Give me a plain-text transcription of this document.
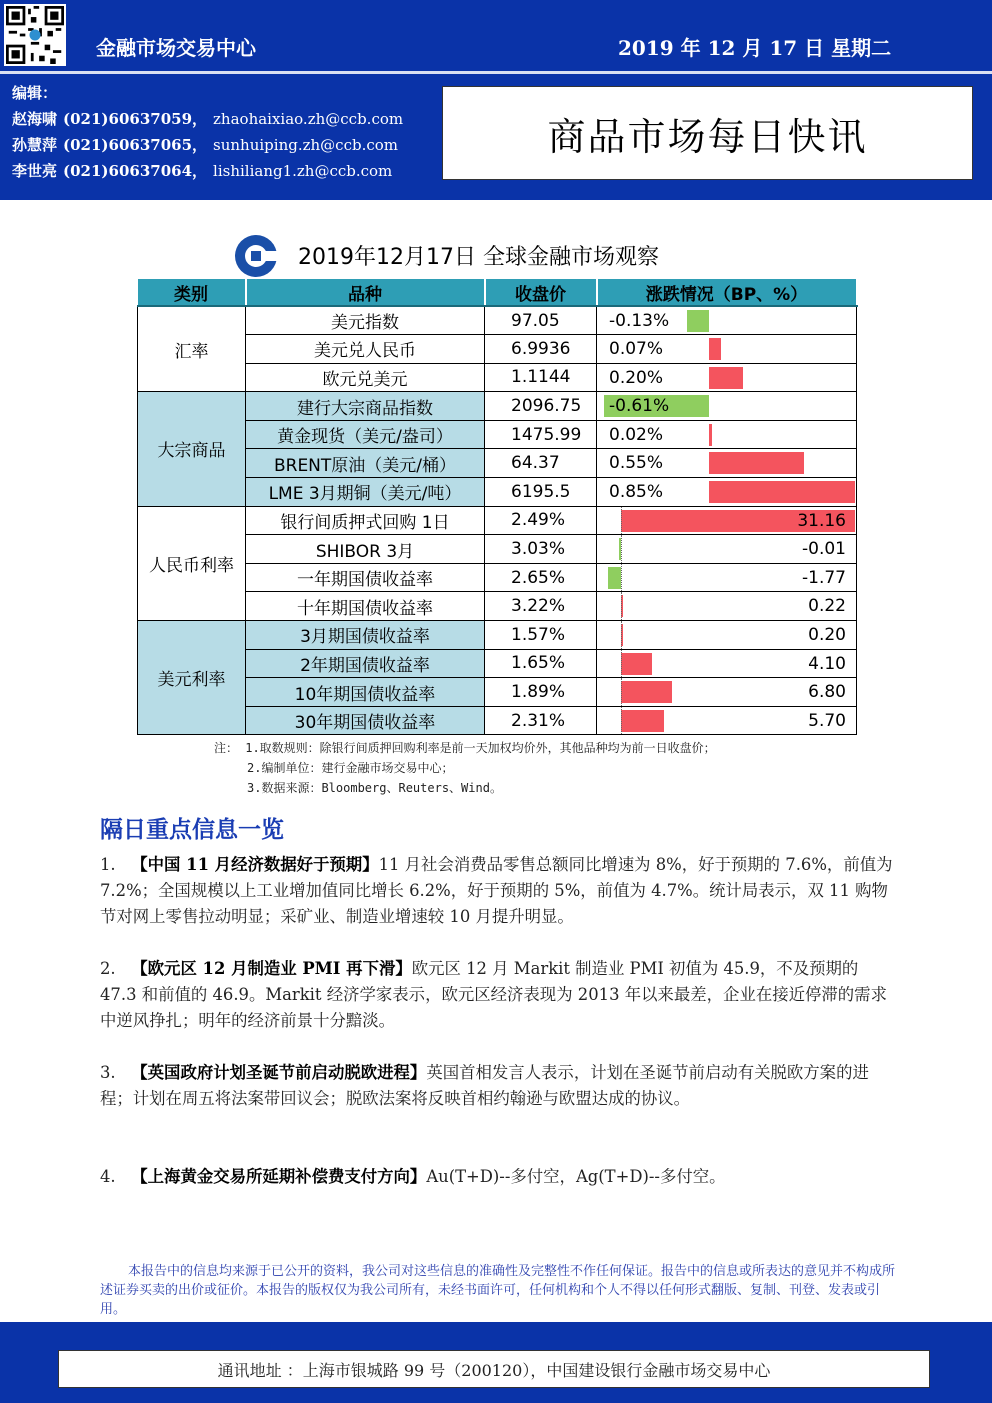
金融市场交易中心	2019 年 12 月 17 日 星期二
编辑：
赵海啸 (021)60637059， zhaohaixiao.zh@ccb.com
孙慧萍 (021)60637065， sunhuiping.zh@ccb.com
李世亮 (021)60637064， lishiliang1.zh@ccb.com
商品市场每日快讯
2019年12月17日 全球金融市场观察
类别	品种	收盘价	涨跌情况（BP、%）
汇率	美元指数	97.05	-0.13%

	美元兑人民币	6.9936	0.07%

	欧元兑美元	1.1144	0.20%

大宗商品	建行大宗商品指数	2096.75	-0.61%

	黄金现货（美元/盎司）	1475.99	0.02%

	BRENT原油（美元/桶）	64.37	0.55%

	LME 3月期铜（美元/吨）	6195.5	0.85%

人民币利率	银行间质押式回购 1日	2.49%	31.16

	SHIBOR 3月	3.03%	-0.01

	一年期国债收益率	2.65%	-1.77

	十年期国债收益率	3.22%	0.22

美元利率	3月期国债收益率	1.57%	0.20

	2年期国债收益率	1.65%	4.10

	10年期国债收益率	1.89%	6.80

	30年期国债收益率	2.31%	5.70
注： 1.取数规则：除银行间质押回购利率是前一天加权均价外，其他品种均为前一日收盘价；
2.编制单位：建行金融市场交易中心；
3.数据来源：Bloomberg、Reuters、Wind。
隔日重点信息一览
1. 【中国 11 月经济数据好于预期】11 月社会消费品零售总额同比增速为 8%，好于预期的 7.6%，前值为 7.2%；全国规模以上工业增加值同比增长 6.2%，好于预期的 5%，前值为 4.7%。统计局表示，双 11 购物节对网上零售拉动明显；采矿业、制造业增速较 10 月提升明显。
2. 【欧元区 12 月制造业 PMI 再下滑】欧元区 12 月 Markit 制造业 PMI 初值为 45.9，不及预期的 47.3 和前值的 46.9。Markit 经济学家表示，欧元区经济表现为 2013 年以来最差，企业在接近停滞的需求中逆风挣扎；明年的经济前景十分黯淡。
3. 【英国政府计划圣诞节前启动脱欧进程】英国首相发言人表示，计划在圣诞节前启动有关脱欧方案的进程；计划在周五将法案带回议会；脱欧法案将反映首相约翰逊与欧盟达成的协议。
4. 【上海黄金交易所延期补偿费支付方向】Au(T+D)--多付空，Ag(T+D)--多付空。
本报告中的信息均来源于已公开的资料，我公司对这些信息的准确性及完整性不作任何保证。报告中的信息或所表达的意见并不构成所述证券买卖的出价或征价。本报告的版权仅为我公司所有，未经书面许可，任何机构和个人不得以任何形式翻版、复制、刊登、发表或引用。
通讯地址 ：上海市银城路 99 号（200120），中国建设银行金融市场交易中心
